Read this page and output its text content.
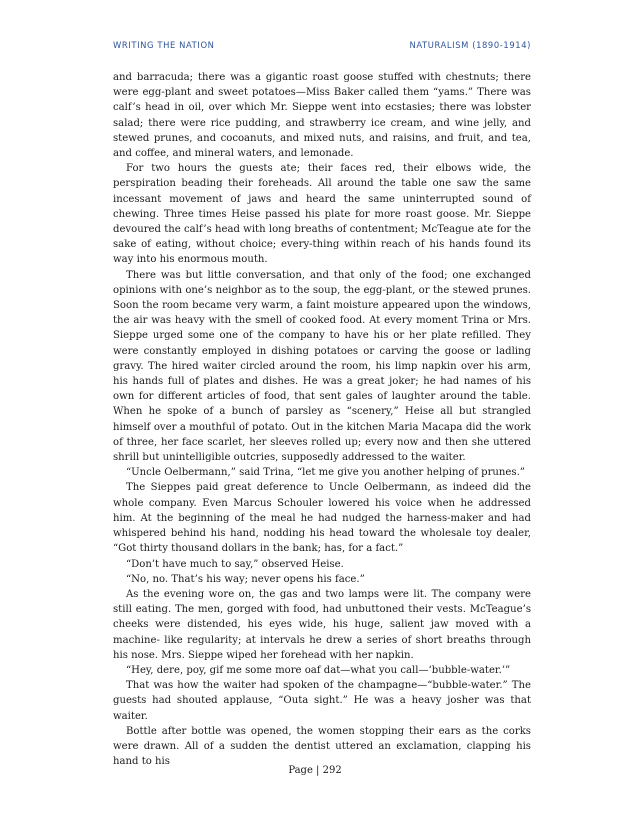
WRITING THE NATION	NATURALISM (1890-1914)

and barracuda; there was a gigantic roast goose stuffed with chestnuts; there were egg-plant and sweet potatoes—Miss Baker called them “yams.” There was calf’s head in oil, over which Mr. Sieppe went into ecstasies; there was lobster salad; there were rice pudding, and strawberry ice cream, and wine jelly, and stewed prunes, and cocoanuts, and mixed nuts, and raisins, and fruit, and tea, and coffee, and mineral waters, and lemonade.

For two hours the guests ate; their faces red, their elbows wide, the perspiration beading their foreheads. All around the table one saw the same incessant movement of jaws and heard the same uninterrupted sound of chewing. Three times Heise passed his plate for more roast goose. Mr. Sieppe devoured the calf’s head with long breaths of contentment; McTeague ate for the sake of eating, without choice; every-thing within reach of his hands found its way into his enormous mouth.

There was but little conversation, and that only of the food; one exchanged opinions with one’s neighbor as to the soup, the egg-plant, or the stewed prunes. Soon the room became very warm, a faint moisture appeared upon the windows, the air was heavy with the smell of cooked food. At every moment Trina or Mrs. Sieppe urged some one of the company to have his or her plate refilled. They were constantly employed in dishing potatoes or carving the goose or ladling gravy. The hired waiter circled around the room, his limp napkin over his arm, his hands full of plates and dishes. He was a great joker; he had names of his own for different articles of food, that sent gales of laughter around the table. When he spoke of a bunch of parsley as “scenery,” Heise all but strangled himself over a mouthful of potato. Out in the kitchen Maria Macapa did the work of three, her face scarlet, her sleeves rolled up; every now and then she uttered shrill but unintelligible outcries, supposedly addressed to the waiter.

“Uncle Oelbermann,” said Trina, “let me give you another helping of prunes.”

The Sieppes paid great deference to Uncle Oelbermann, as indeed did the whole company. Even Marcus Schouler lowered his voice when he addressed him. At the beginning of the meal he had nudged the harness-maker and had whispered behind his hand, nodding his head toward the wholesale toy dealer, “Got thirty thousand dollars in the bank; has, for a fact.”

“Don’t have much to say,” observed Heise.

“No, no. That’s his way; never opens his face.”

As the evening wore on, the gas and two lamps were lit. The company were still eating. The men, gorged with food, had unbuttoned their vests. McTeague’s cheeks were distended, his eyes wide, his huge, salient jaw moved with a machine- like regularity; at intervals he drew a series of short breaths through his nose. Mrs. Sieppe wiped her forehead with her napkin.

“Hey, dere, poy, gif me some more oaf dat—what you call—‘bubble-water.’”

That was how the waiter had spoken of the champagne—“bubble-water.” The guests had shouted applause, “Outa sight.” He was a heavy josher was that waiter.

Bottle after bottle was opened, the women stopping their ears as the corks were drawn. All of a sudden the dentist uttered an exclamation, clapping his hand to his

Page | 292
